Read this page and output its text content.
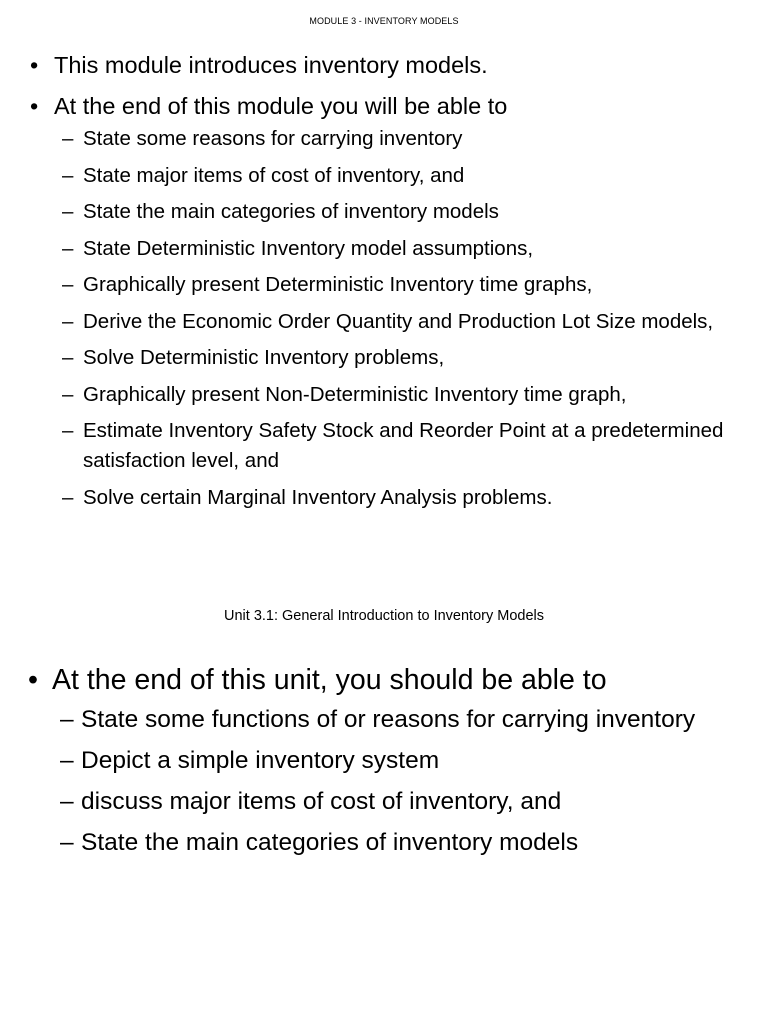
MODULE 3 - INVENTORY MODELS
• This module introduces inventory models.
• At the end of this module you will be able to
– State some reasons for carrying inventory
– State major items of cost of inventory, and
– State the main categories of inventory models
– State Deterministic Inventory model assumptions,
– Graphically present Deterministic Inventory time graphs,
– Derive the Economic Order Quantity and Production Lot Size models,
– Solve Deterministic Inventory problems,
– Graphically present Non-Deterministic Inventory time graph,
– Estimate Inventory Safety Stock and Reorder Point at a predetermined satisfaction level, and
– Solve certain Marginal Inventory Analysis problems.
Unit 3.1: General Introduction to Inventory Models
• At the end of this unit, you should be able to
– State some functions of or reasons for carrying inventory
– Depict a simple inventory system
– discuss major items of cost of inventory, and
– State the main categories of inventory models
